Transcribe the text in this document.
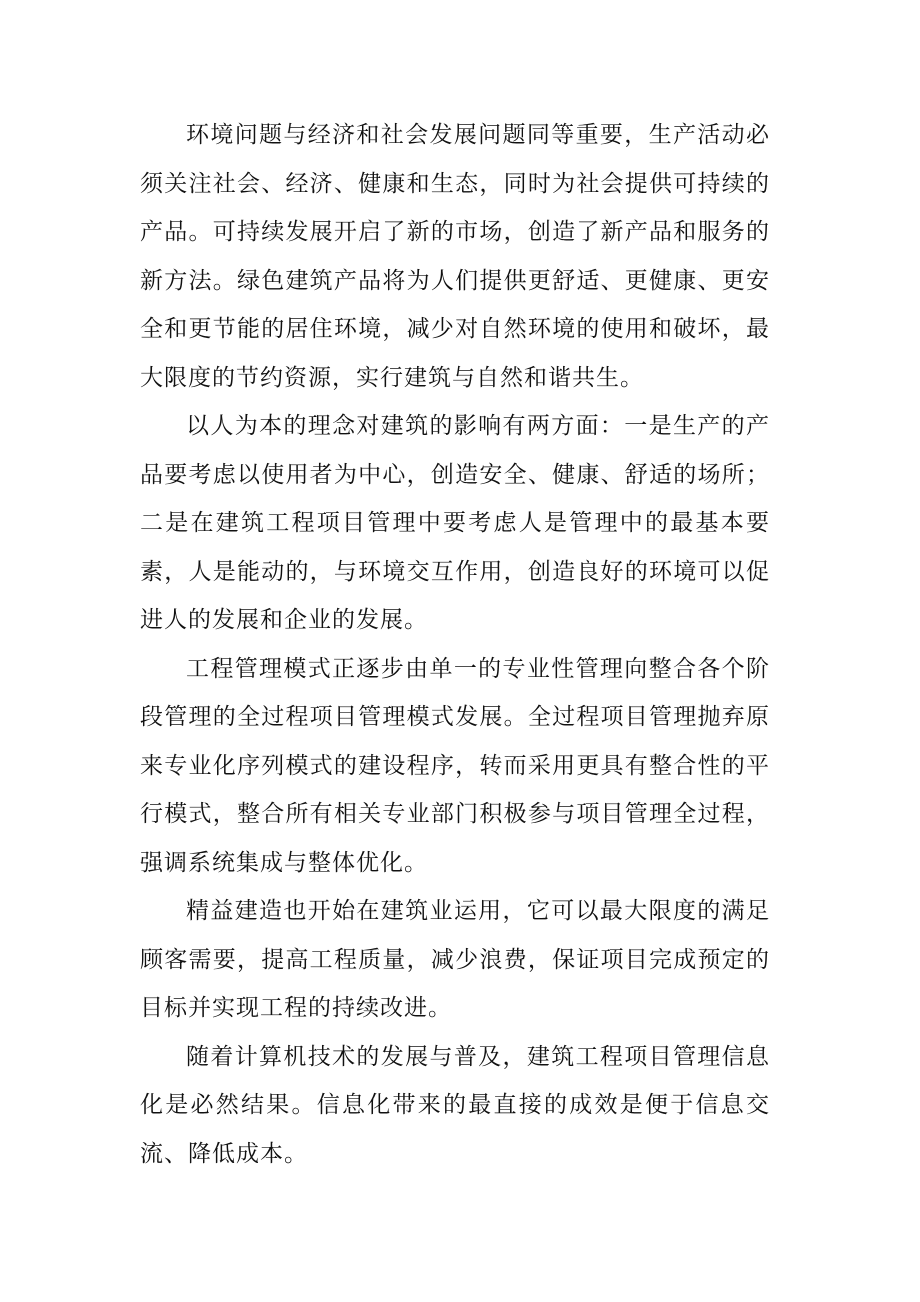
环境问题与经济和社会发展问题同等重要，生产活动必须关注社会、经济、健康和生态，同时为社会提供可持续的产品。可持续发展开启了新的市场，创造了新产品和服务的新方法。绿色建筑产品将为人们提供更舒适、更健康、更安全和更节能的居住环境，减少对自然环境的使用和破坏，最大限度的节约资源，实行建筑与自然和谐共生。

以人为本的理念对建筑的影响有两方面：一是生产的产品要考虑以使用者为中心，创造安全、健康、舒适的场所；二是在建筑工程项目管理中要考虑人是管理中的最基本要素，人是能动的，与环境交互作用，创造良好的环境可以促进人的发展和企业的发展。

工程管理模式正逐步由单一的专业性管理向整合各个阶段管理的全过程项目管理模式发展。全过程项目管理抛弃原来专业化序列模式的建设程序，转而采用更具有整合性的平行模式，整合所有相关专业部门积极参与项目管理全过程，强调系统集成与整体优化。

精益建造也开始在建筑业运用，它可以最大限度的满足顾客需要，提高工程质量，减少浪费，保证项目完成预定的目标并实现工程的持续改进。

随着计算机技术的发展与普及，建筑工程项目管理信息化是必然结果。信息化带来的最直接的成效是便于信息交流、降低成本。
